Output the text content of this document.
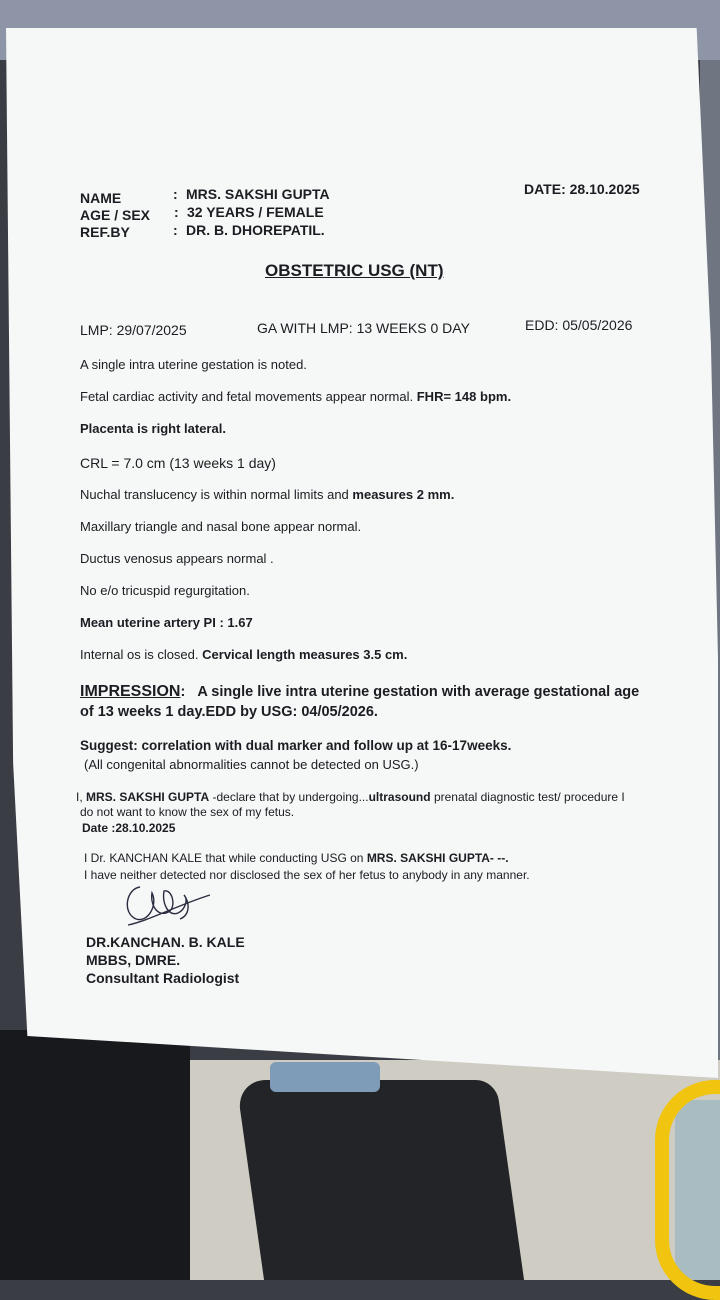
NAME	: MRS. SAKSHI GUPTA
AGE / SEX : 32 YEARS / FEMALE
REF.BY	: DR. B. DHOREPATIL.
DATE: 28.10.2025
OBSTETRIC USG (NT)
LMP: 29/07/2025	GA WITH LMP: 13 WEEKS 0 DAY	EDD: 05/05/2026
A single intra uterine gestation is noted.
Fetal cardiac activity and fetal movements appear normal. FHR= 148 bpm.
Placenta is right lateral.
CRL = 7.0 cm (13 weeks 1 day)
Nuchal translucency is within normal limits and measures 2 mm.
Maxillary triangle and nasal bone appear normal.
Ductus venosus appears normal .
No e/o tricuspid regurgitation.
Mean uterine artery PI : 1.67
Internal os is closed. Cervical length measures 3.5 cm.
IMPRESSION: A single live intra uterine gestation with average gestational age
of 13 weeks 1 day.EDD by USG: 04/05/2026.
Suggest: correlation with dual marker and follow up at 16-17weeks.
(All congenital abnormalities cannot be detected on USG.)
I, MRS. SAKSHI GUPTA -declare that by undergoing...ultrasound prenatal diagnostic test/ procedure I
do not want to know the sex of my fetus.
Date :28.10.2025
I Dr. KANCHAN KALE that while conducting USG on MRS. SAKSHI GUPTA- --.
I have neither detected nor disclosed the sex of her fetus to anybody in any manner.
DR.KANCHAN. B. KALE
MBBS, DMRE.
Consultant Radiologist
